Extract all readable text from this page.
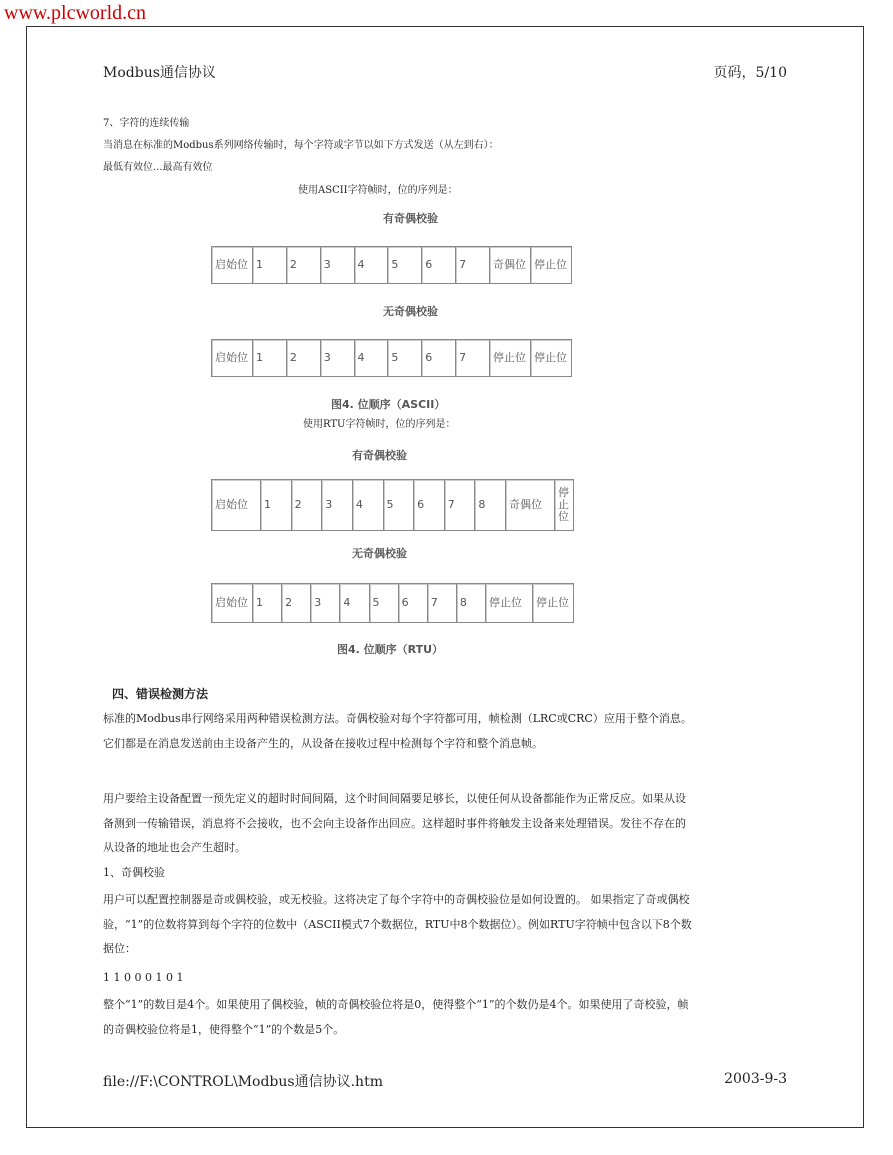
www.plcworld.cn
Modbus通信协议	页码，5/10
7、字符的连续传输
当消息在标准的Modbus系列网络传输时，每个字符或字节以如下方式发送（从左到右）：
最低有效位...最高有效位
使用ASCII字符帧时，位的序列是：
有奇偶校验
启始位	1	2	3	4	5	6	7	奇偶位	停止位
无奇偶校验
启始位	1	2	3	4	5	6	7	停止位	停止位
图4. 位顺序（ASCII）
使用RTU字符帧时，位的序列是：
有奇偶校验
启始位	1	2	3	4	5	6	7	8	奇偶位	停止位
无奇偶校验
启始位	1	2	3	4	5	6	7	8	停止位	停止位
图4. 位顺序（RTU）
四、错误检测方法
标准的Modbus串行网络采用两种错误检测方法。奇偶校验对每个字符都可用，帧检测（LRC或CRC）应用于整个消息。它们都是在消息发送前由主设备产生的，从设备在接收过程中检测每个字符和整个消息帧。
用户要给主设备配置一预先定义的超时时间间隔，这个时间间隔要足够长，以使任何从设备都能作为正常反应。如果从设备测到一传输错误，消息将不会接收，也不会向主设备作出回应。这样超时事件将触发主设备来处理错误。发往不存在的从设备的地址也会产生超时。
1、奇偶校验
用户可以配置控制器是奇或偶校验，或无校验。这将决定了每个字符中的奇偶校验位是如何设置的。 如果指定了奇或偶校验，“1”的位数将算到每个字符的位数中（ASCII模式7个数据位，RTU中8个数据位）。例如RTU字符帧中包含以下8个数据位：
1 1 0 0 0 1 0 1
整个“1”的数目是4个。如果使用了偶校验，帧的奇偶校验位将是0，使得整个“1”的个数仍是4个。如果使用了奇校验，帧的奇偶校验位将是1，使得整个“1”的个数是5个。
file://F:\CONTROL\Modbus通信协议.htm	2003-9-3
